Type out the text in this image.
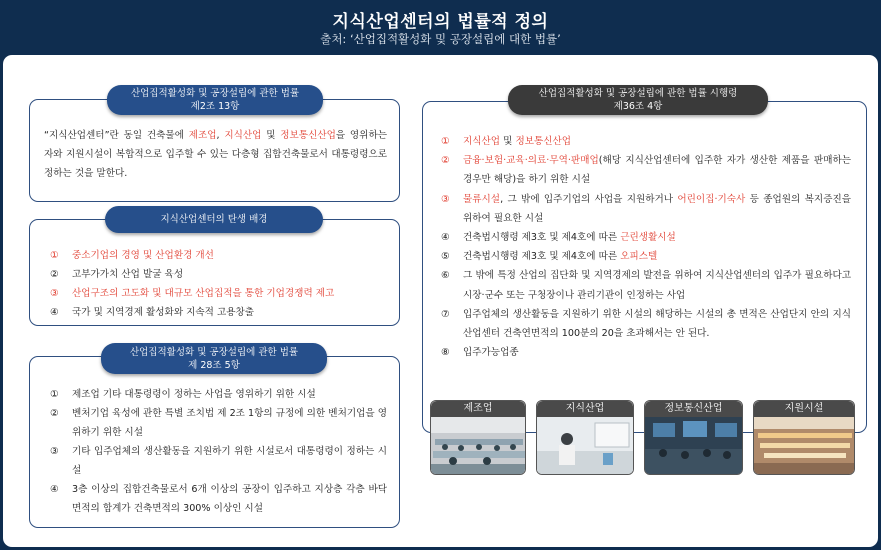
지식산업센터의 법률적 정의
출처: ‘산업집적활성화 및 공장설립에 대한 법률’
“지식산업센터”란 동일 건축물에 제조업, 지식산업 및 정보통신산업을 영위하는 자와 지원시설이 복합적으로 입주할 수 있는 다층형 집합건축물로서 대통령령으로 정하는 것을 말한다.
산업집적활성화 및 공장설립에 관한 법률
제2조 13항
①	중소기업의 경영 및 산업환경 개선
②	고부가가치 산업 발굴 육성
③	산업구조의 고도화 및 대규모 산업집적을 통한 기업경쟁력 제고
④	국가 및 지역경제 활성화와 지속적 고용창출
지식산업센터의 탄생 배경
①	제조업 기타 대통령령이 정하는 사업을 영위하기 위한 시설
②	벤처기업 육성에 관한 특별 조치법 제 2조 1항의 규정에 의한 벤처기업을 영위하기 위한 시설
③	기타 입주업체의 생산활동을 지원하기 위한 시설로서 대통령령이 정하는 시설
④	3층 이상의 집합건축물로서 6개 이상의 공장이 입주하고 지상층 각층 바닥면적의 합계가 건축면적의 300% 이상인 시설
산업집적활성화 및 공장설립에 관한 법률
제 28조 5항
①	지식산업 및 정보통신산업
②	금융·보험·교육·의료·무역·판매업(해당 지식산업센터에 입주한 자가 생산한 제품을 판매하는 경우만 해당)을 하기 위한 시설
③	물류시설, 그 밖에 입주기업의 사업을 지원하거나 어린이집·기숙사 등 종업원의 복지증진을 위하여 필요한 시설
④	건축법시행령 제3호 및 제4호에 따른 근린생활시설
⑤	건축법시행령 제3호 및 제4호에 따른 오피스텔
⑥	그 밖에 특정 산업의 집단화 및 지역경제의 발전을 위하여 지식산업센터의 입주가 필요하다고 시장·군수 또는 구청장이나 관리기관이 인정하는 사업
⑦	입주업체의 생산활동을 지원하기 위한 시설의 해당하는 시설의 총 면적은 산업단지 안의 지식산업센터 건축연면적의 100분의 20을 초과해서는 안 된다.
⑧	입주가능업종
산업집적활성화 및 공장설립에 관한 법률 시행령
제36조 4항
제조업	지식산업	정보통신산업	지원시설
